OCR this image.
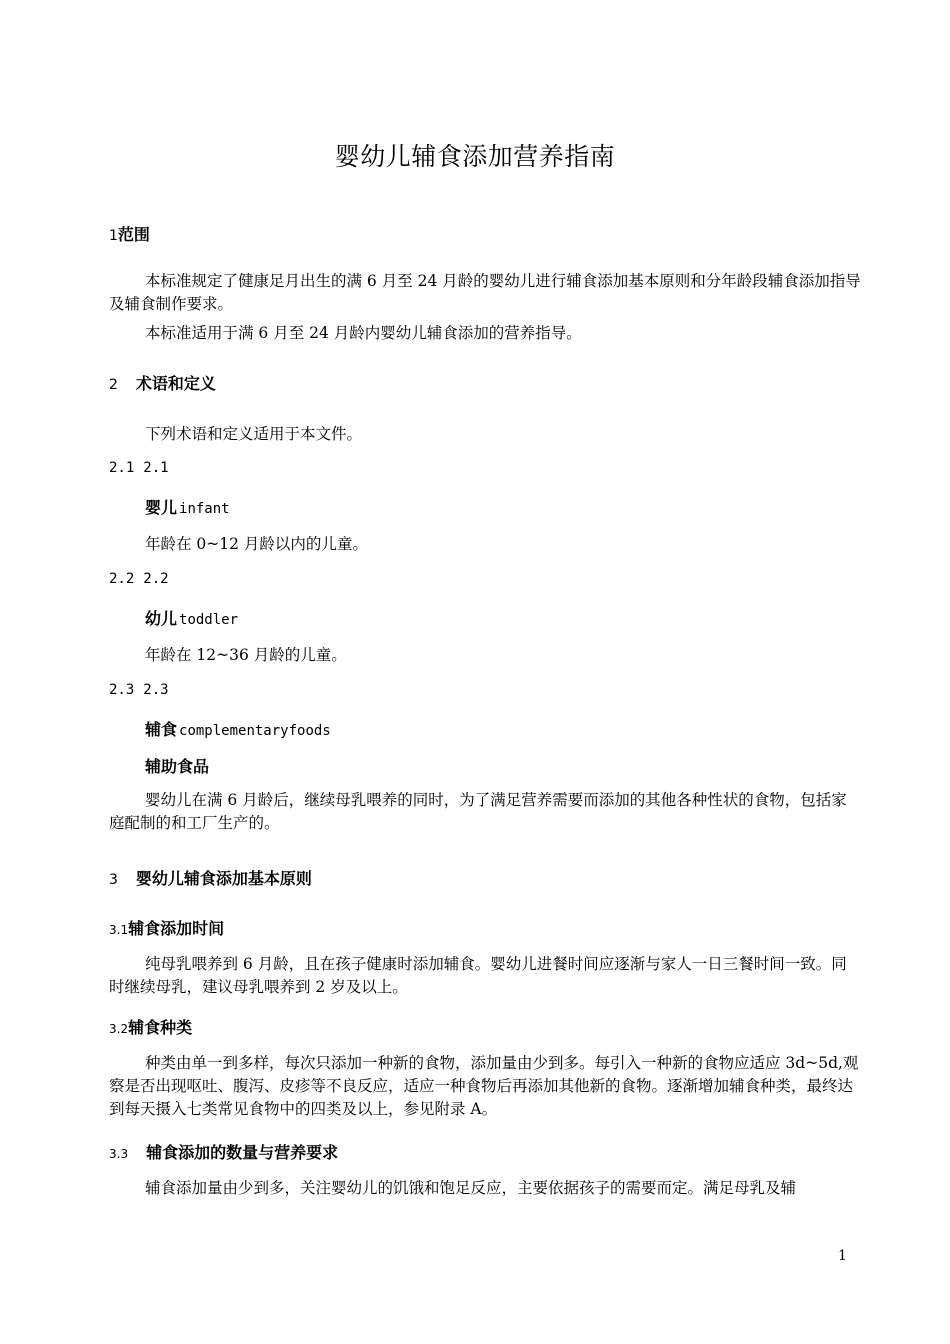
婴幼儿辅食添加营养指南
1范围
本标准规定了健康足月出生的满 6 月至 24 月龄的婴幼儿进行辅食添加基本原则和分年龄段辅食添加指导及辅食制作要求。
本标准适用于满 6 月至 24 月龄内婴幼儿辅食添加的营养指导。
2 术语和定义
下列术语和定义适用于本文件。
2.1 2.1
婴儿 infant
年龄在 0~12 月龄以内的儿童。
2.2 2.2
幼儿 toddler
年龄在 12~36 月龄的儿童。
2.3 2.3
辅食 complementaryfoods
辅助食品
婴幼儿在满 6 月龄后，继续母乳喂养的同时，为了满足营养需要而添加的其他各种性状的食物，包括家庭配制的和工厂生产的。
3 婴幼儿辅食添加基本原则
3.1辅食添加时间
纯母乳喂养到 6 月龄，且在孩子健康时添加辅食。婴幼儿进餐时间应逐渐与家人一日三餐时间一致。同时继续母乳，建议母乳喂养到 2 岁及以上。
3.2辅食种类
种类由单一到多样，每次只添加一种新的食物，添加量由少到多。每引入一种新的食物应适应 3d~5d,观察是否出现呕吐、腹泻、皮疹等不良反应，适应一种食物后再添加其他新的食物。逐渐增加辅食种类，最终达到每天摄入七类常见食物中的四类及以上，参见附录 A。
3.3 辅食添加的数量与营养要求
辅食添加量由少到多，关注婴幼儿的饥饿和饱足反应，主要依据孩子的需要而定。满足母乳及辅
1
